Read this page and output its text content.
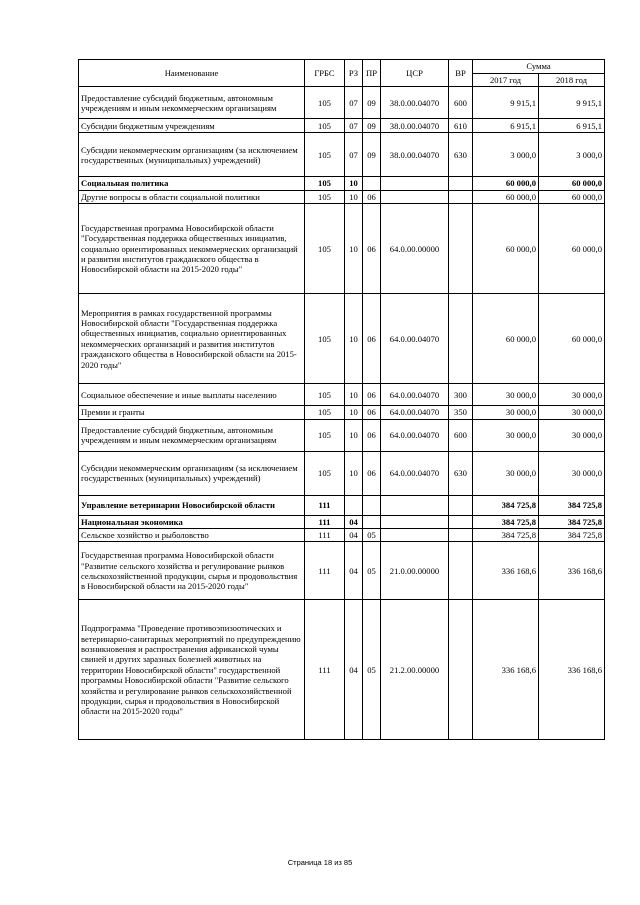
Наименование	ГРБС	РЗ	ПР	ЦСР	ВР	Сумма	
						2017 год	2018 год
Предоставление субсидий бюджетным, автономным учреждениям и иным некоммерческим организациям	105	07	09	38.0.00.04070	600	9 915,1	9 915,1
Субсидии бюджетным учреждениям	105	07	09	38.0.00.04070	610	6 915,1	6 915,1
Субсидии некоммерческим организациям (за исключением государственных (муниципальных) учреждений)	105	07	09	38.0.00.04070	630	3 000,0	3 000,0
Социальная политика	105	10				60 000,0	60 000,0
Другие вопросы в области социальной политики	105	10	06			60 000,0	60 000,0
Государственная программа Новосибирской области "Государственная поддержка общественных инициатив, социально ориентированных некоммерческих организаций и развития институтов гражданского общества в Новосибирской области на 2015-2020 годы"	105	10	06	64.0.00.00000		60 000,0	60 000,0
Мероприятия в рамках государственной программы Новосибирской области "Государственная поддержка общественных инициатив, социально ориентированных некоммерческих организаций и развития институтов гражданского общества в Новосибирской области на 2015-2020 годы"	105	10	06	64.0.00.04070		60 000,0	60 000,0
Социальное обеспечение и иные выплаты населению	105	10	06	64.0.00.04070	300	30 000,0	30 000,0
Премии и гранты	105	10	06	64.0.00.04070	350	30 000,0	30 000,0
Предоставление субсидий бюджетным, автономным учреждениям и иным некоммерческим организациям	105	10	06	64.0.00.04070	600	30 000,0	30 000,0
Субсидии некоммерческим организациям (за исключением государственных (муниципальных) учреждений)	105	10	06	64.0.00.04070	630	30 000,0	30 000,0
Управление ветеринарии Новосибирской области	111					384 725,8	384 725,8
Национальная экономика	111	04				384 725,8	384 725,8
Сельское хозяйство и рыболовство	111	04	05			384 725,8	384 725,8
Государственная программа Новосибирской области "Развитие сельского хозяйства и регулирование рынков сельскохозяйственной продукции, сырья и продовольствия в Новосибирской области на 2015-2020 годы"	111	04	05	21.0.00.00000		336 168,6	336 168,6
Подпрограмма "Проведение противоэпизоотических и ветеринарно-санитарных мероприятий по предупреждению возникновения и распространения африканской чумы свиней и других заразных болезней животных на территории Новосибирской области" государственной программы Новосибирской области "Развитие сельского хозяйства и регулирование рынков сельскохозяйственной продукции, сырья и продовольствия в Новосибирской области на 2015-2020 годы"	111	04	05	21.2.00.00000		336 168,6	336 168,6
Страница 18 из 85
